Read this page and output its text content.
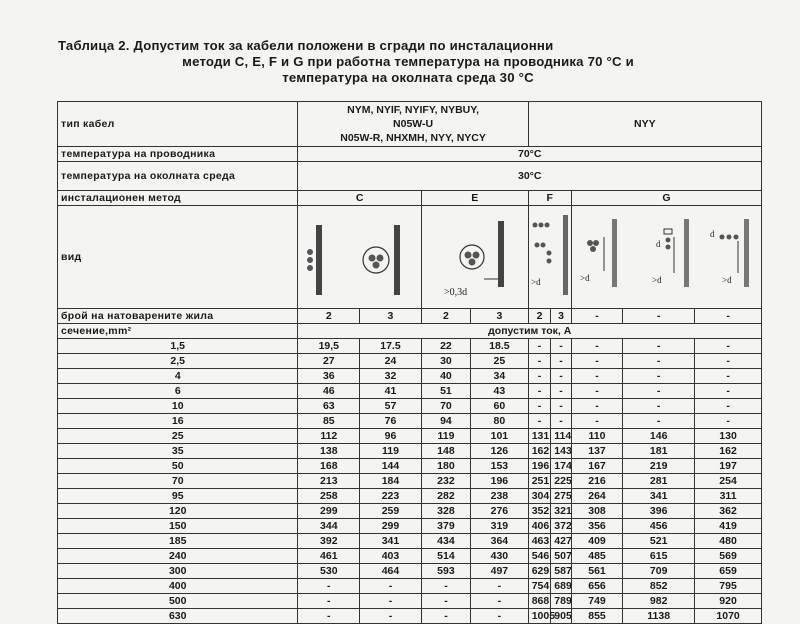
Таблица 2. Допустим ток за кабели положени в сгради по инсталационни
методи C, E, F и G при работна температура на проводника 70 °C и
температура на околната среда 30 °C
тип кабел	NYM, NYIF, NYIFY, NYBUY,
N05W-U
N05W-R, NHXMH, NYY, NYCY				NYY				
температура на проводника	70°C								
температура на околната среда	30°C								
инсталационен метод	C		E		F		G		
вид			>0,3d		>d		>d
d
>d
d
>d		

брой на натоварените жила	2	3	2	3	2	3	-	-	-
сечение,mm²	допустим ток, A								
1,5	19,5	17.5	22	18.5	-	-	-	-	-
2,5	27	24	30	25	-	-	-	-	-
4	36	32	40	34	-	-	-	-	-
6	46	41	51	43	-	-	-	-	-
10	63	57	70	60	-	-	-	-	-
16	85	76	94	80	-	-	-	-	-
25	112	96	119	101	131	114	110	146	130
35	138	119	148	126	162	143	137	181	162
50	168	144	180	153	196	174	167	219	197
70	213	184	232	196	251	225	216	281	254
95	258	223	282	238	304	275	264	341	311
120	299	259	328	276	352	321	308	396	362
150	344	299	379	319	406	372	356	456	419
185	392	341	434	364	463	427	409	521	480
240	461	403	514	430	546	507	485	615	569
300	530	464	593	497	629	587	561	709	659
400	-	-	-	-	754	689	656	852	795
500	-	-	-	-	868	789	749	982	920
630	-	-	-	-	1005	905	855	1138	1070
